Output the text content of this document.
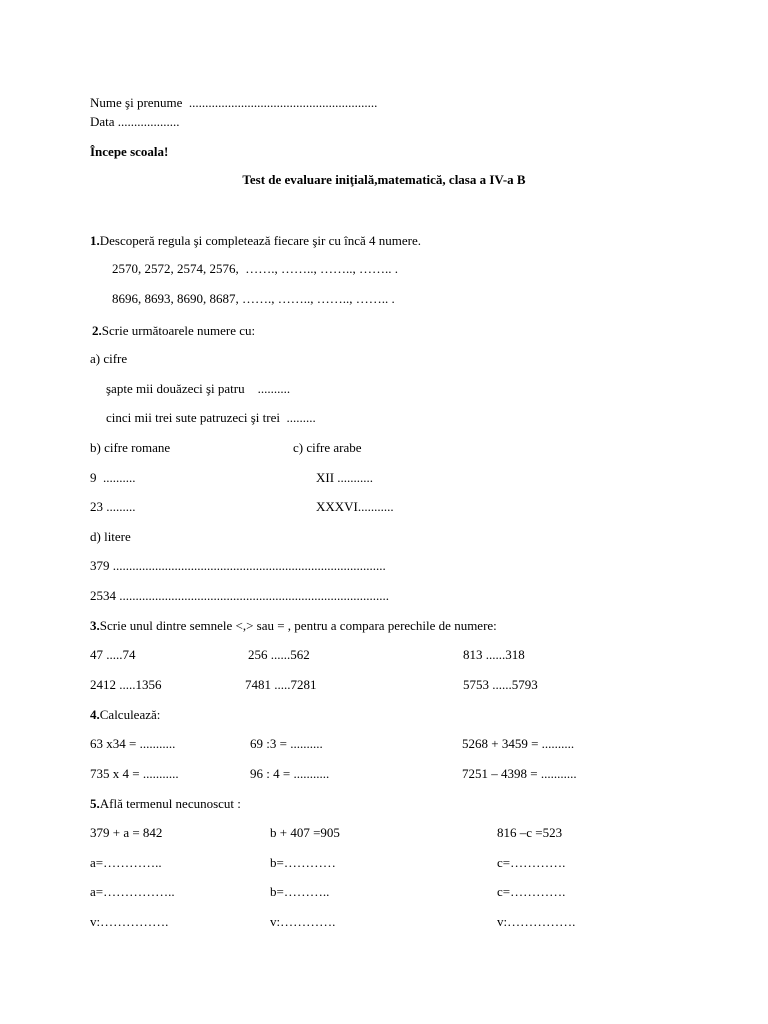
Nume şi prenume  ..........................................................
Data ...................
Începe scoala!
Test de evaluare iniţială,matematică, clasa a IV-a B
1.Descoperă regula şi completează fiecare şir cu încă 4 numere.
2570, 2572, 2574, 2576,  ……., …….., …….., …….. .
8696, 8693, 8690, 8687, ……., …….., …….., …….. .
2.Scrie următoarele numere cu:
a) cifre
şapte mii douăzeci şi patru    ..........
cinci mii trei sute patruzeci şi trei  .........
b) cifre romane	c) cifre arabe
9  ..........	XII ...........
23 .........	XXXVI...........
d) litere
379 ....................................................................................
2534 ...................................................................................
3.Scrie unul dintre semnele <,> sau = , pentru a compara perechile de numere:
47 .....74	256 ......562	813 ......318
2412 .....1356	7481 .....7281	5753 ......5793
4.Calculează:
63 x34 = ...........	69 :3 = ..........	5268 + 3459 = ..........
735 x 4 = ...........	96 : 4 = ...........	7251 – 4398 = ...........
5.Află termenul necunoscut :
379 + a = 842	b + 407 =905	816 –c =523
a=…………..	b=…………	c=………….
a=……………..	b=………..	c=………….
v:…………….	v:………….	v:…………….
